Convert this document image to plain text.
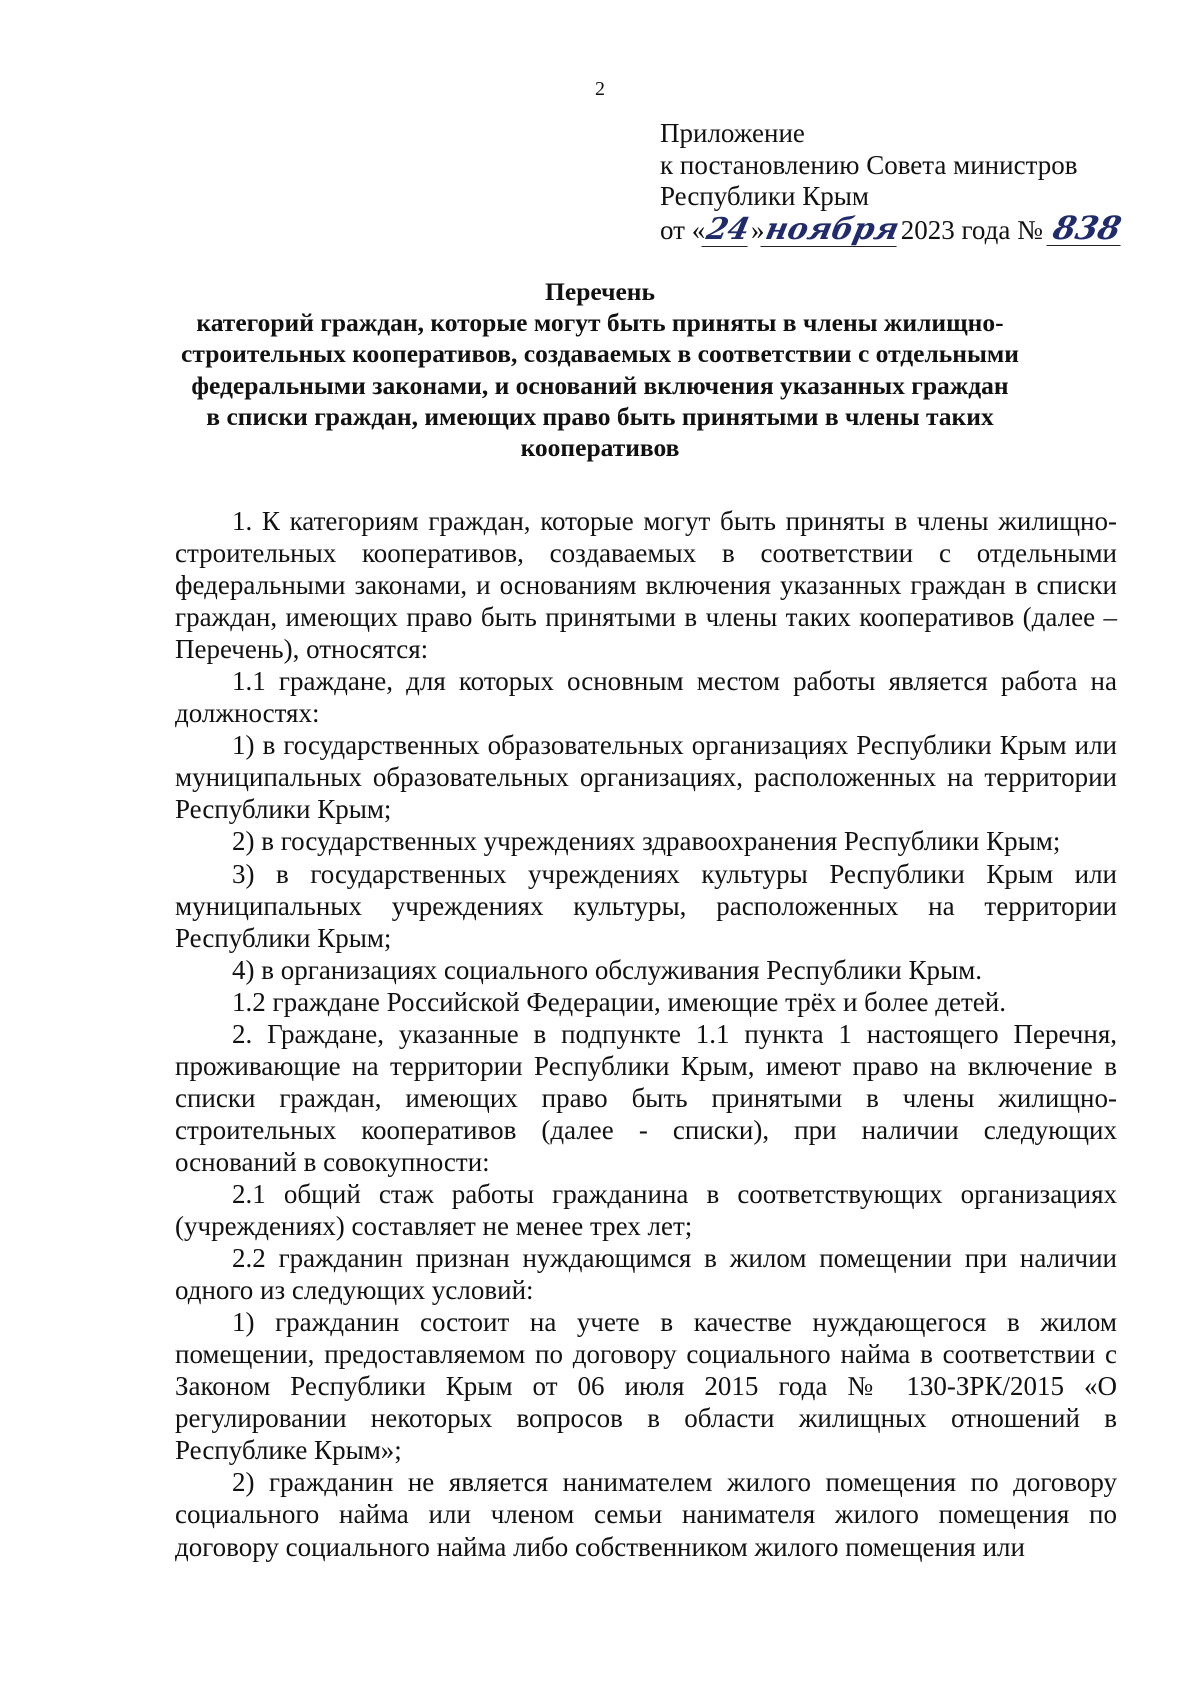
2
Приложение
к постановлению Совета министров
Республики Крым
от «24»ноября2023 года № 838
Перечень
категорий граждан, которые могут быть приняты в члены жилищно-
строительных кооперативов, создаваемых в соответствии с отдельными
федеральными законами, и оснований включения указанных граждан
в списки граждан, имеющих право быть принятыми в члены таких
кооперативов

1. К категориям граждан, которые могут быть приняты в члены жилищно-строительных кооперативов, создаваемых в соответствии с отдельными федеральными законами, и основаниям включения указанных граждан в списки граждан, имеющих право быть принятыми в члены таких кооперативов (далее – Перечень), относятся:

1.1 граждане, для которых основным местом работы является работа на должностях:

1) в государственных образовательных организациях Республики Крым или муниципальных образовательных организациях, расположенных на территории Республики Крым;

2) в государственных учреждениях здравоохранения Республики Крым;

3) в государственных учреждениях культуры Республики Крым или муниципальных учреждениях культуры, расположенных на территории Республики Крым;

4) в организациях социального обслуживания Республики Крым.

1.2 граждане Российской Федерации, имеющие трёх и более детей.

2. Граждане, указанные в подпункте 1.1 пункта 1 настоящего Перечня, проживающие на территории Республики Крым, имеют право на включение в списки граждан, имеющих право быть принятыми в члены жилищно-строительных кооперативов (далее - списки), при наличии следующих оснований в совокупности:

2.1 общий стаж работы гражданина в соответствующих организациях (учреждениях) составляет не менее трех лет;

2.2 гражданин признан нуждающимся в жилом помещении при наличии одного из следующих условий:

1) гражданин состоит на учете в качестве нуждающегося в жилом помещении, предоставляемом по договору социального найма в соответствии с Законом Республики Крым от 06 июля 2015 года № 130-ЗРК/2015 «О регулировании некоторых вопросов в области жилищных отношений в Республике Крым»;

2) гражданин не является нанимателем жилого помещения по договору социального найма или членом семьи нанимателя жилого помещения по договору социального найма либо собственником жилого помещения или
